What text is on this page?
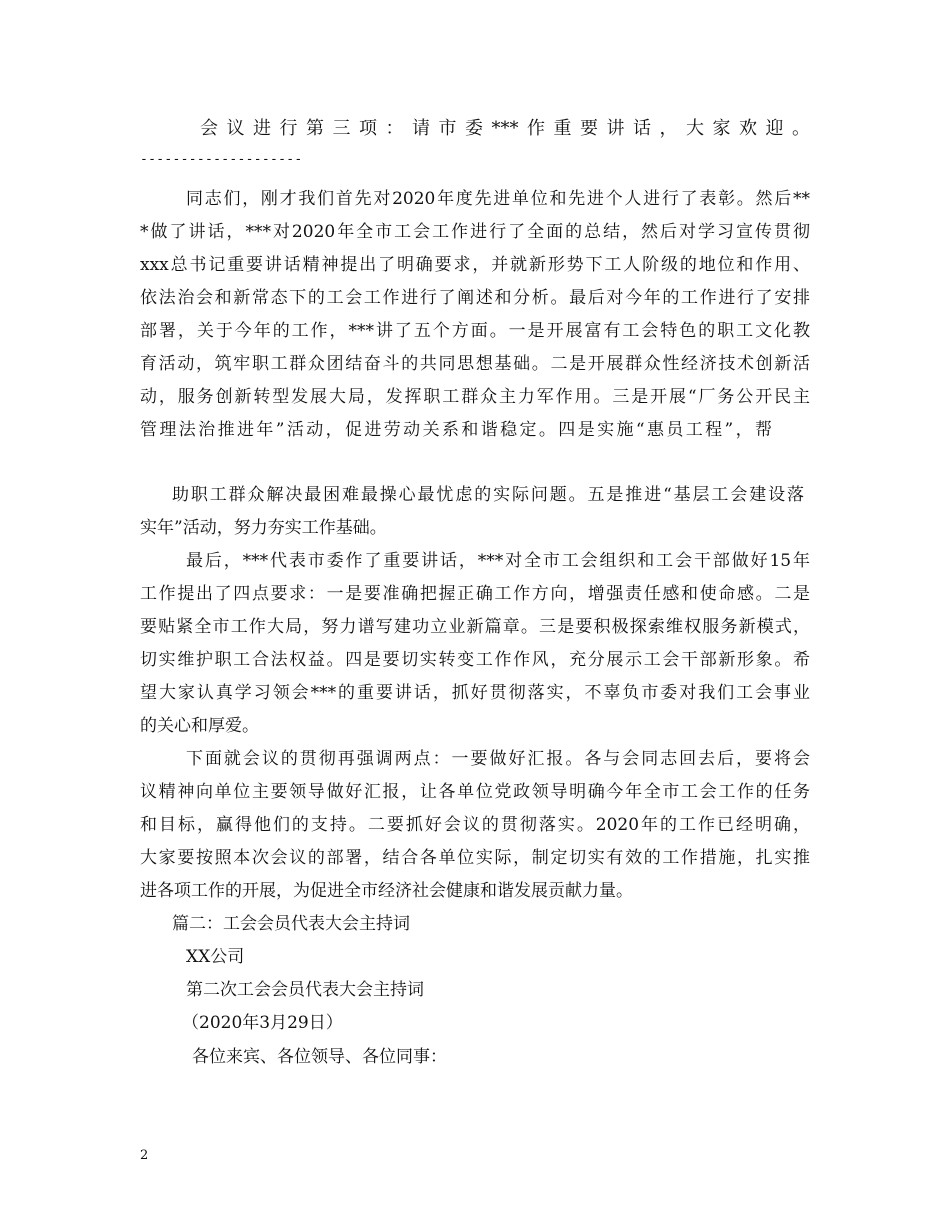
会议进行第三项：请市委***作重要讲话，大家欢迎。
--------------------
同志们，刚才我们首先对2020年度先进单位和先进个人进行了表彰。然后**
*做了讲话，***对2020年全市工会工作进行了全面的总结，然后对学习宣传贯彻
xxx总书记重要讲话精神提出了明确要求，并就新形势下工人阶级的地位和作用、
依法治会和新常态下的工会工作进行了阐述和分析。最后对今年的工作进行了安排
部署，关于今年的工作，***讲了五个方面。一是开展富有工会特色的职工文化教
育活动，筑牢职工群众团结奋斗的共同思想基础。二是开展群众性经济技术创新活
动，服务创新转型发展大局，发挥职工群众主力军作用。三是开展“厂务公开民主
管理法治推进年”活动，促进劳动关系和谐稳定。四是实施“惠员工程”，帮
助职工群众解决最困难最操心最忧虑的实际问题。五是推进“基层工会建设落
实年”活动，努力夯实工作基础。
最后，***代表市委作了重要讲话，***对全市工会组织和工会干部做好15年
工作提出了四点要求：一是要准确把握正确工作方向，增强责任感和使命感。二是
要贴紧全市工作大局，努力谱写建功立业新篇章。三是要积极探索维权服务新模式，
切实维护职工合法权益。四是要切实转变工作作风，充分展示工会干部新形象。希
望大家认真学习领会***的重要讲话，抓好贯彻落实，不辜负市委对我们工会事业
的关心和厚爱。
下面就会议的贯彻再强调两点：一要做好汇报。各与会同志回去后，要将会
议精神向单位主要领导做好汇报，让各单位党政领导明确今年全市工会工作的任务
和目标，赢得他们的支持。二要抓好会议的贯彻落实。2020年的工作已经明确，
大家要按照本次会议的部署，结合各单位实际，制定切实有效的工作措施，扎实推
进各项工作的开展，为促进全市经济社会健康和谐发展贡献力量。
篇二：工会会员代表大会主持词
XX公司
第二次工会会员代表大会主持词
（2020年3月29日）
各位来宾、各位领导、各位同事：
2
